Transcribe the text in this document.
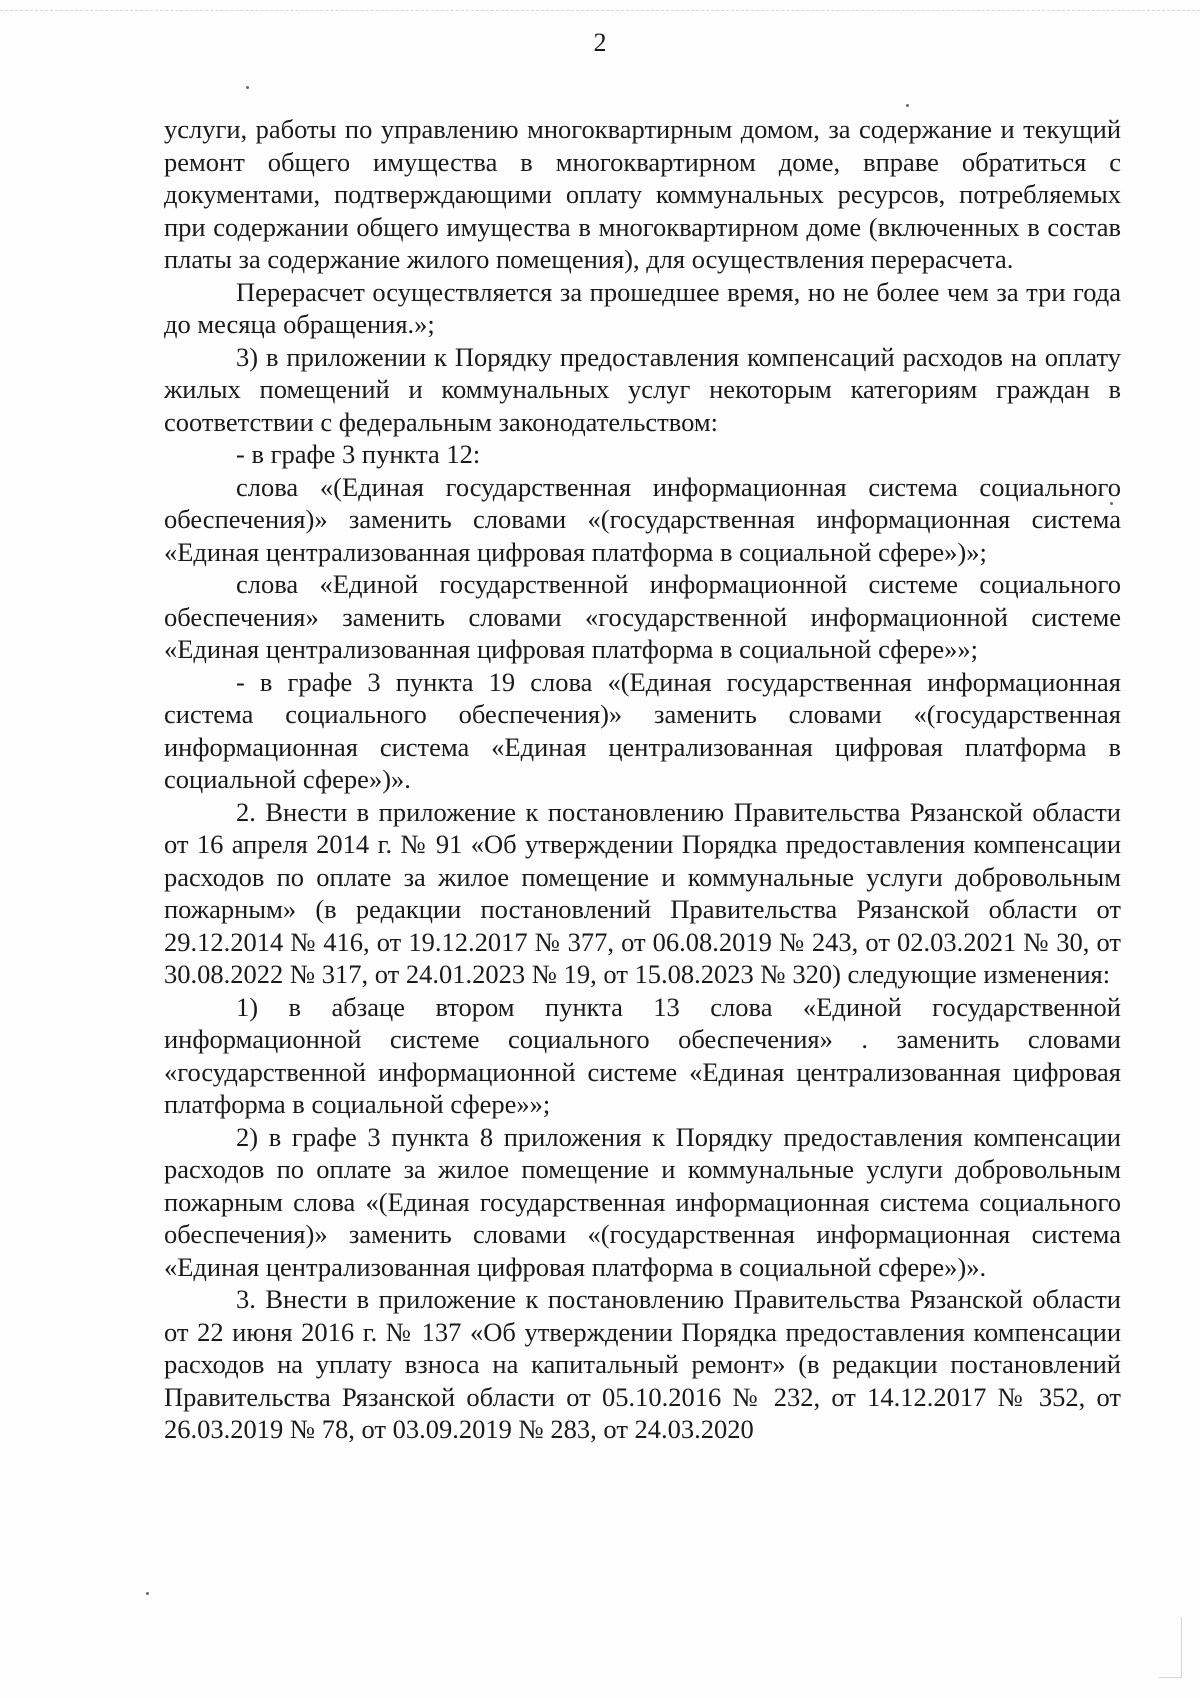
2

услуги, работы по управлению многоквартирным домом, за содержание и текущий ремонт общего имущества в многоквартирном доме, вправе обратиться с документами, подтверждающими оплату коммунальных ресурсов, потребляемых при содержании общего имущества в многоквартирном доме (включенных в состав платы за содержание жилого помещения), для осуществления перерасчета.

Перерасчет осуществляется за прошедшее время, но не более чем за три года до месяца обращения.»;

3) в приложении к Порядку предоставления компенсаций расходов на оплату жилых помещений и коммунальных услуг некоторым категориям граждан в соответствии с федеральным законодательством:

- в графе 3 пункта 12:

слова «(Единая государственная информационная система социального обеспечения)» заменить словами «(государственная информационная система «Единая централизованная цифровая платформа в социальной сфере»)»;

слова «Единой государственной информационной системе социального обеспечения» заменить словами «государственной информационной системе «Единая централизованная цифровая платформа в социальной сфере»»;

- в графе 3 пункта 19 слова «(Единая государственная информационная система социального обеспечения)» заменить словами «(государственная информационная система «Единая централизованная цифровая платформа в социальной сфере»)».

2. Внести в приложение к постановлению Правительства Рязанской области от 16 апреля 2014 г. № 91 «Об утверждении Порядка предоставления компенсации расходов по оплате за жилое помещение и коммунальные услуги добровольным пожарным» (в редакции постановлений Правительства Рязанской области от 29.12.2014 № 416, от 19.12.2017 № 377, от 06.08.2019 № 243, от 02.03.2021 № 30, от 30.08.2022 № 317, от 24.01.2023 № 19, от 15.08.2023 № 320) следующие изменения:

1) в абзаце втором пункта 13 слова «Единой государственной информационной системе социального обеспечения» . заменить словами «государственной информационной системе «Единая централизованная цифровая платформа в социальной сфере»»;

2) в графе 3 пункта 8 приложения к Порядку предоставления компенсации расходов по оплате за жилое помещение и коммунальные услуги добровольным пожарным слова «(Единая государственная информационная система социального обеспечения)» заменить словами «(государственная информационная система «Единая централизованная цифровая платформа в социальной сфере»)».

3. Внести в приложение к постановлению Правительства Рязанской области от 22 июня 2016 г. № 137 «Об утверждении Порядка предоставления компенсации расходов на уплату взноса на капитальный ремонт» (в редакции постановлений Правительства Рязанской области от 05.10.2016 № 232, от 14.12.2017 № 352, от 26.03.2019 № 78, от 03.09.2019 № 283, от 24.03.2020
